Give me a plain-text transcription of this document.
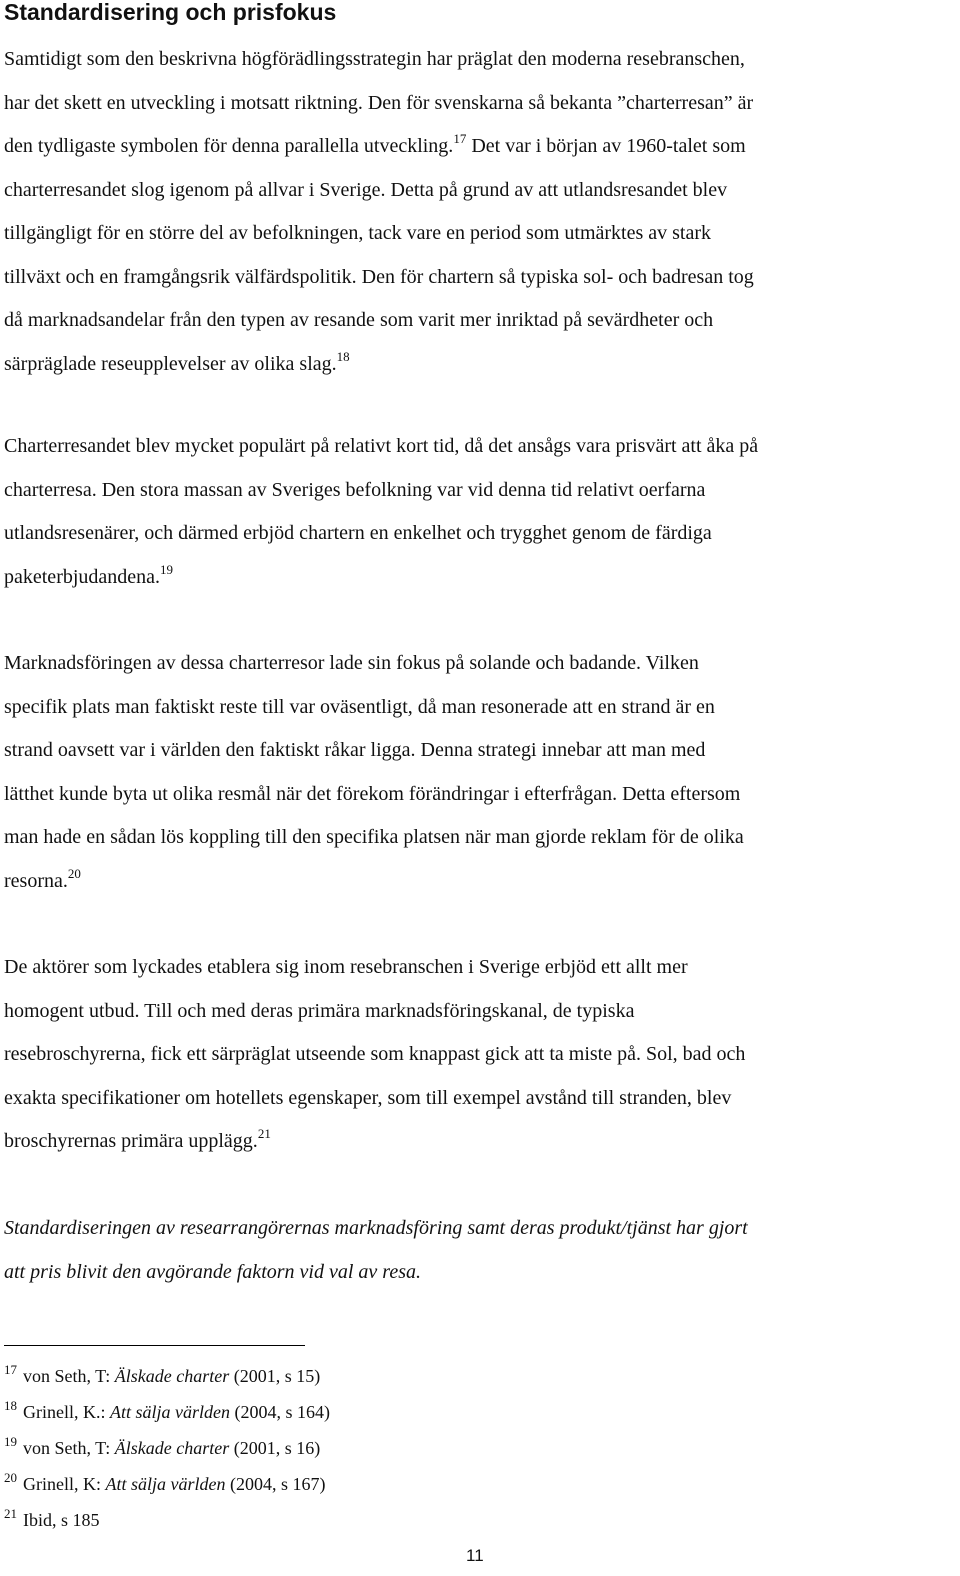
Standardisering och prisfokus

Samtidigt som den beskrivna högförädlingsstrategin har präglat den moderna resebranschen,
har det skett en utveckling i motsatt riktning. Den för svenskarna så bekanta ”charterresan” är
den tydligaste symbolen för denna parallella utveckling.$^{17}$ Det var i början av 1960-talet som
charterresandet slog igenom på allvar i Sverige. Detta på grund av att utlandsresandet blev
tillgängligt för en större del av befolkningen, tack vare en period som utmärktes av stark
tillväxt och en framgångsrik välfärdspolitik. Den för chartern så typiska sol- och badresan tog
då marknadsandelar från den typen av resande som varit mer inriktad på sevärdheter och
särpräglade reseupplevelser av olika slag.$^{18}$

Charterresandet blev mycket populärt på relativt kort tid, då det ansågs vara prisvärt att åka på
charterresa. Den stora massan av Sveriges befolkning var vid denna tid relativt oerfarna
utlandsresenärer, och därmed erbjöd chartern en enkelhet och trygghet genom de färdiga
paketerbjudandena.$^{19}$

Marknadsföringen av dessa charterresor lade sin fokus på solande och badande. Vilken
specifik plats man faktiskt reste till var oväsentligt, då man resonerade att en strand är en
strand oavsett var i världen den faktiskt råkar ligga. Denna strategi innebar att man med
lätthet kunde byta ut olika resmål när det förekom förändringar i efterfrågan. Detta eftersom
man hade en sådan lös koppling till den specifika platsen när man gjorde reklam för de olika
resorna.$^{20}$

De aktörer som lyckades etablera sig inom resebranschen i Sverige erbjöd ett allt mer
homogent utbud. Till och med deras primära marknadsföringskanal, de typiska
resebroschyrerna, fick ett särpräglat utseende som knappast gick att ta miste på. Sol, bad och
exakta specifikationer om hotellets egenskaper, som till exempel avstånd till stranden, blev
broschyrernas primära upplägg.$^{21}$

Standardiseringen av researrangörernas marknadsföring samt deras produkt/tjänst har gjort
att pris blivit den avgörande faktorn vid val av resa.

$^{17}$ von Seth, T: Älskade charter (2001, s 15)
$^{18}$ Grinell, K.: Att sälja världen (2004, s 164)
$^{19}$ von Seth, T: Älskade charter (2001, s 16)
$^{20}$ Grinell, K: Att sälja världen (2004, s 167)
$^{21}$ Ibid, s 185
11
